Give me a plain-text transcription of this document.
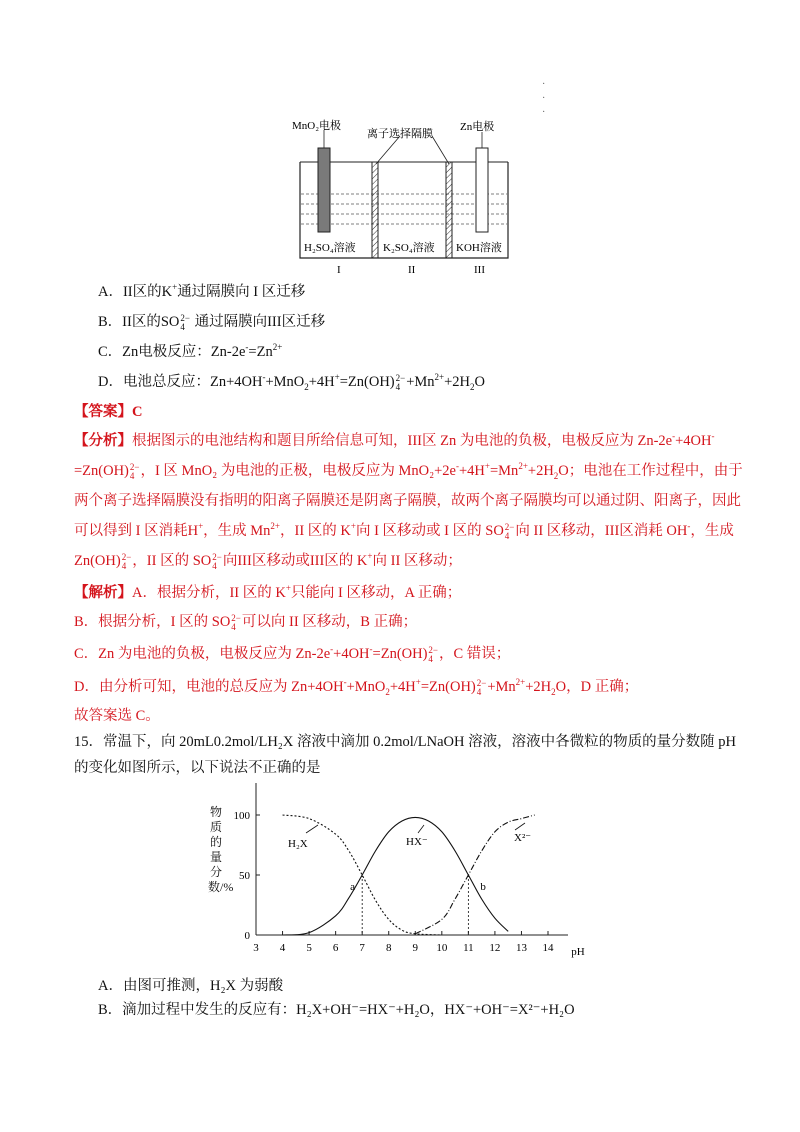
·
·
·
MnO₂电极
离子选择隔膜
Zn电极
H₂SO₄溶液 K₂SO₄溶液 KOH溶液
I	II	III
A．II区的K+通过隔膜向 I 区迁移
B．II区的SO 2−
4 通过隔膜向III区迁移
C．Zn电极反应：$Zn-2e^-=Zn^{2+}$
D．电池总反应：Zn+4OH-+MnO$_2$+4H+=Zn(OH) 2−
$4 +Mn^{2+}+2H_2O$
【答案】C
【分析】根据图示的电池结构和题目所给信息可知，III区 Zn 为电池的负极，电极反应为 Zn-2e-+4OH-
=Zn(OH) 2−
4 ，I 区 MnO₂ 为电池的正极，电极反应为 $MnO_2+2e^-+4H^+=Mn^{2+}+2H_2O$；电池在工作过程中，由于
两个离子选择隔膜没有指明的阳离子隔膜还是阴离子隔膜，故两个离子隔膜均可以通过阴、阳离子，因此
可以得到 I 区消耗H+，生成 $Mn^{2+}$，II 区的 K+向 I 区移动或 I 区的 SO 2−
4 向 II 区移动，III区消耗 OH-，生成
Zn(OH) 2−
4 ，II 区的 SO 2−
4 向III区移动或III区的 K+向 II 区移动；
【解析】A．根据分析，II 区的 K+只能向 I 区移动，A 正确；
B．根据分析，I 区的 SO 2−
4 可以向 II 区移动，B 正确；
C．Zn 为电池的负极，电极反应为 Zn-2e-+4OH-=Zn(OH) 2−
4 ，C 错误；
D．由分析可知，电池的总反应为 Zn+4OH-+MnO$_2$+4H+=Zn(OH) 2−
$4 +Mn^{2+}+2H_2O$，D 正确；
故答案选 C。
15．常温下，向 20mL0.2mol/LH₂X 溶液中滴加 0.2mol/LNaOH 溶液，溶液中各微粒的物质的量分数随 pH
的变化如图所示，以下说法不正确的是
物质的量分数/%
3 4 5 6 7 8 9 10 11 12 13 14
0
50
100
pH
H₂X	HX⁻	X²⁻
a	b
A．由图可推测，H₂X 为弱酸
B．滴加过程中发生的反应有：H₂X+OH⁻=HX⁻+H₂O，HX⁻+OH⁻=X²⁻+H₂O
